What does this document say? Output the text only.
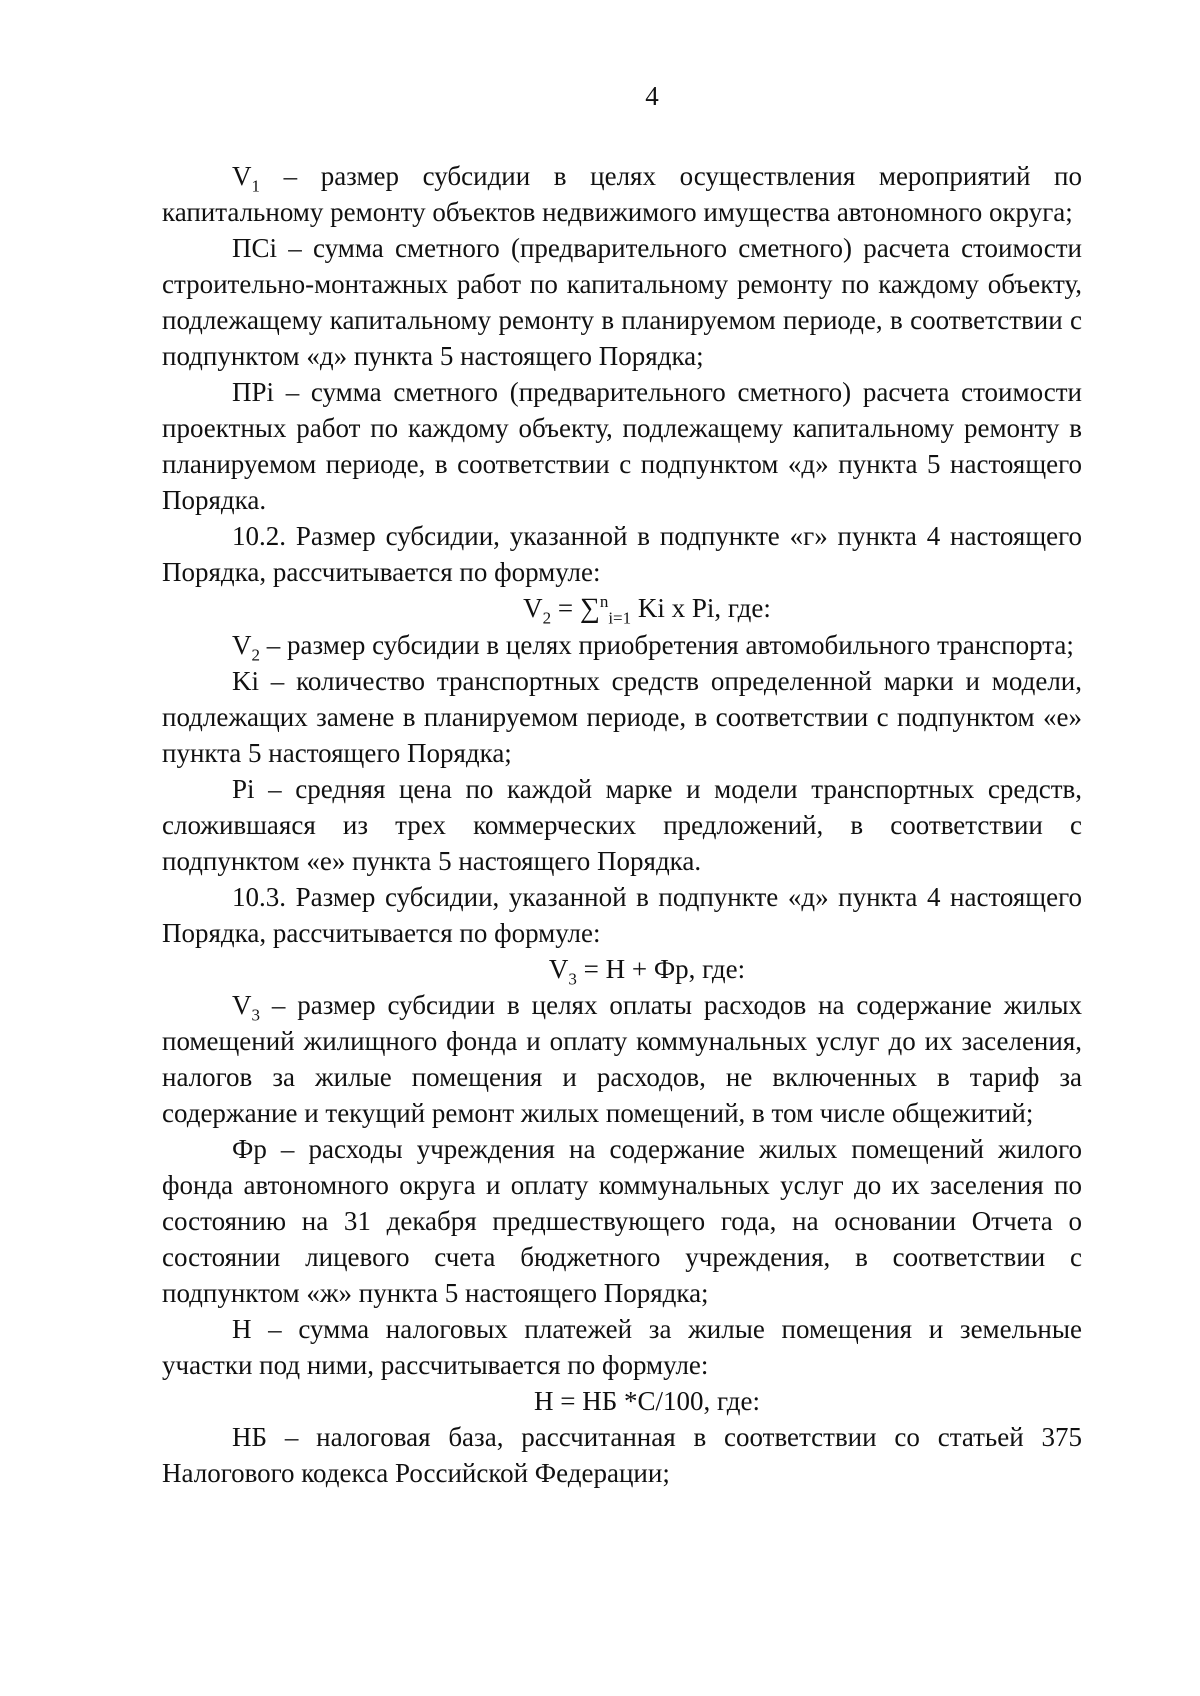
4

$V_1$ – размер субсидии в целях осуществления мероприятий по капитальному ремонту объектов недвижимого имущества автономного округа;

ПСi – сумма сметного (предварительного сметного) расчета стоимости строительно-монтажных работ по капитальному ремонту по каждому объекту, подлежащему капитальному ремонту в планируемом периоде, в соответствии с подпунктом «д» пункта 5 настоящего Порядка;

ПРi – сумма сметного (предварительного сметного) расчета стоимости проектных работ по каждому объекту, подлежащему капитальному ремонту в планируемом периоде, в соответствии с подпунктом «д» пункта 5 настоящего Порядка.

10.2. Размер субсидии, указанной в подпункте «г» пункта 4 настоящего Порядка, рассчитывается по формуле:

$V_2 = \sum^n_{i=1}$ Ki x Pi, где:

$V_2$ – размер субсидии в целях приобретения автомобильного транспорта;

Ki – количество транспортных средств определенной марки и модели, подлежащих замене в планируемом периоде, в соответствии с подпунктом «е» пункта 5 настоящего Порядка;

Pi – средняя цена по каждой марке и модели транспортных средств, сложившаяся из трех коммерческих предложений, в соответствии с подпунктом «е» пункта 5 настоящего Порядка.

10.3. Размер субсидии, указанной в подпункте «д» пункта 4 настоящего Порядка, рассчитывается по формуле:

$V_3 = Н$ + Фр, где:

$V_3$ – размер субсидии в целях оплаты расходов на содержание жилых помещений жилищного фонда и оплату коммунальных услуг до их заселения, налогов за жилые помещения и расходов, не включенных в тариф за содержание и текущий ремонт жилых помещений, в том числе общежитий;

Фр – расходы учреждения на содержание жилых помещений жилого фонда автономного округа и оплату коммунальных услуг до их заселения по состоянию на 31 декабря предшествующего года, на основании Отчета о состоянии лицевого счета бюджетного учреждения, в соответствии с подпунктом «ж» пункта 5 настоящего Порядка;

Н – сумма налоговых платежей за жилые помещения и земельные участки под ними, рассчитывается по формуле:

Н = НБ *С/100, где:

НБ – налоговая база, рассчитанная в соответствии со статьей 375 Налогового кодекса Российской Федерации;
